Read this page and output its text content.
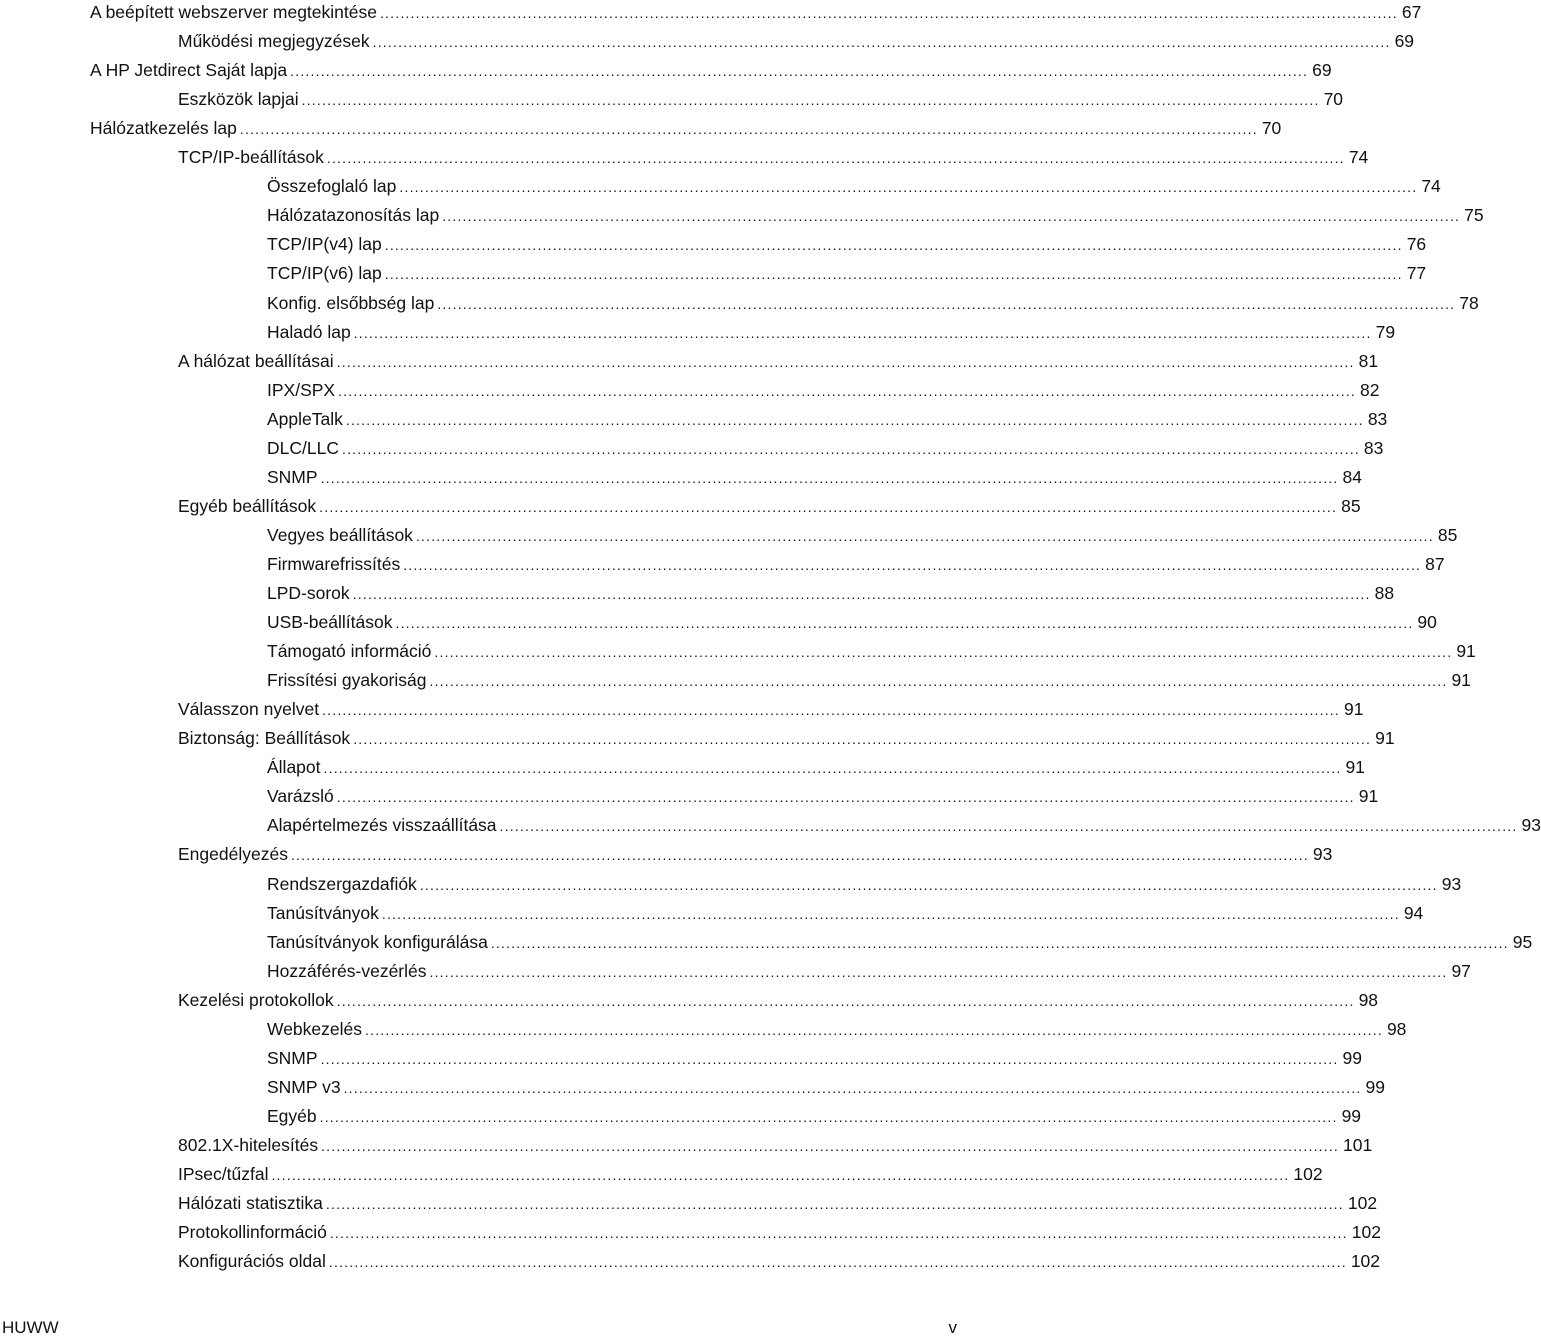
A beépített webszerver megtekintése ........................................................................................................................................................................................................ 67
Működési megjegyzések ........................................................................................................................................................................................................ 69
A HP Jetdirect Saját lapja ........................................................................................................................................................................................................ 69
Eszközök lapjai ........................................................................................................................................................................................................ 70
Hálózatkezelés lap ........................................................................................................................................................................................................ 70
TCP/IP-beállítások ........................................................................................................................................................................................................ 74
Összefoglaló lap ........................................................................................................................................................................................................ 74
Hálózatazonosítás lap ........................................................................................................................................................................................................ 75
TCP/IP(v4) lap ........................................................................................................................................................................................................ 76
TCP/IP(v6) lap ........................................................................................................................................................................................................ 77
Konfig. elsőbbség lap ........................................................................................................................................................................................................ 78
Haladó lap ........................................................................................................................................................................................................ 79
A hálózat beállításai ........................................................................................................................................................................................................ 81
IPX/SPX ........................................................................................................................................................................................................ 82
AppleTalk ........................................................................................................................................................................................................ 83
DLC/LLC ........................................................................................................................................................................................................ 83
SNMP ........................................................................................................................................................................................................ 84
Egyéb beállítások ........................................................................................................................................................................................................ 85
Vegyes beállítások ........................................................................................................................................................................................................ 85
Firmwarefrissítés ........................................................................................................................................................................................................ 87
LPD-sorok ........................................................................................................................................................................................................ 88
USB-beállítások ........................................................................................................................................................................................................ 90
Támogató információ ........................................................................................................................................................................................................ 91
Frissítési gyakoriság ........................................................................................................................................................................................................ 91
Válasszon nyelvet ........................................................................................................................................................................................................ 91
Biztonság: Beállítások ........................................................................................................................................................................................................ 91
Állapot ........................................................................................................................................................................................................ 91
Varázsló ........................................................................................................................................................................................................ 91
Alapértelmezés visszaállítása ........................................................................................................................................................................................................ 93
Engedélyezés ........................................................................................................................................................................................................ 93
Rendszergazdafiók ........................................................................................................................................................................................................ 93
Tanúsítványok ........................................................................................................................................................................................................ 94
Tanúsítványok konfigurálása ........................................................................................................................................................................................................ 95
Hozzáférés-vezérlés ........................................................................................................................................................................................................ 97
Kezelési protokollok ........................................................................................................................................................................................................ 98
Webkezelés ........................................................................................................................................................................................................ 98
SNMP ........................................................................................................................................................................................................ 99
SNMP v3 ........................................................................................................................................................................................................ 99
Egyéb ........................................................................................................................................................................................................ 99
802.1X-hitelesítés ........................................................................................................................................................................................................ 101
IPsec/tűzfal ........................................................................................................................................................................................................ 102
Hálózati statisztika ........................................................................................................................................................................................................ 102
Protokollinformáció ........................................................................................................................................................................................................ 102
Konfigurációs oldal ........................................................................................................................................................................................................ 102
HUWW	v
